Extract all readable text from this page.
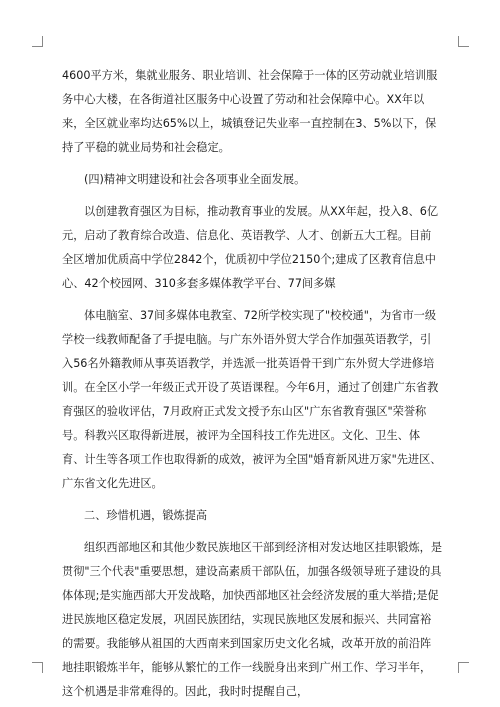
4600平方米，集就业服务、职业培训、社会保障于一体的区劳动就业培训服务中心大楼，在各街道社区服务中心设置了劳动和社会保障中心。XX年以来，全区就业率均达65%以上，城镇登记失业率一直控制在3、5%以下，保持了平稳的就业局势和社会稳定。

(四)精神文明建设和社会各项事业全面发展。

以创建教育强区为目标，推动教育事业的发展。从XX年起，投入8、6亿元，启动了教育综合改造、信息化、英语教学、人才、创新五大工程。目前全区增加优质高中学位2842个，优质初中学位2150个;建成了区教育信息中心、42个校园网、310多套多媒体教学平台、77间多媒

体电脑室、37间多媒体电教室、72所学校实现了"校校通"，为省市一级学校一线教师配备了手提电脑。与广东外语外贸大学合作加强英语教学，引入56名外籍教师从事英语教学，并选派一批英语骨干到广东外贸大学进修培训。在全区小学一年级正式开设了英语课程。今年6月，通过了创建广东省教育强区的验收评估，7月政府正式发文授予东山区"广东省教育强区"荣誉称号。科教兴区取得新进展，被评为全国科技工作先进区。文化、卫生、体育、计生等各项工作也取得新的成效，被评为全国"婚育新风进万家"先进区、广东省文化先进区。

二、珍惜机遇，锻炼提高

组织西部地区和其他少数民族地区干部到经济相对发达地区挂职锻炼，是贯彻"三个代表"重要思想，建设高素质干部队伍，加强各级领导班子建设的具体体现;是实施西部大开发战略，加快西部地区社会经济发展的重大举措;是促进民族地区稳定发展，巩固民族团结，实现民族地区发展和振兴、共同富裕的需要。我能够从祖国的大西南来到国家历史文化名城，改革开放的前沿阵地挂职锻炼半年，能够从繁忙的工作一线脱身出来到广州工作、学习半年，这个机遇是非常难得的。因此，我时时提醒自己，
